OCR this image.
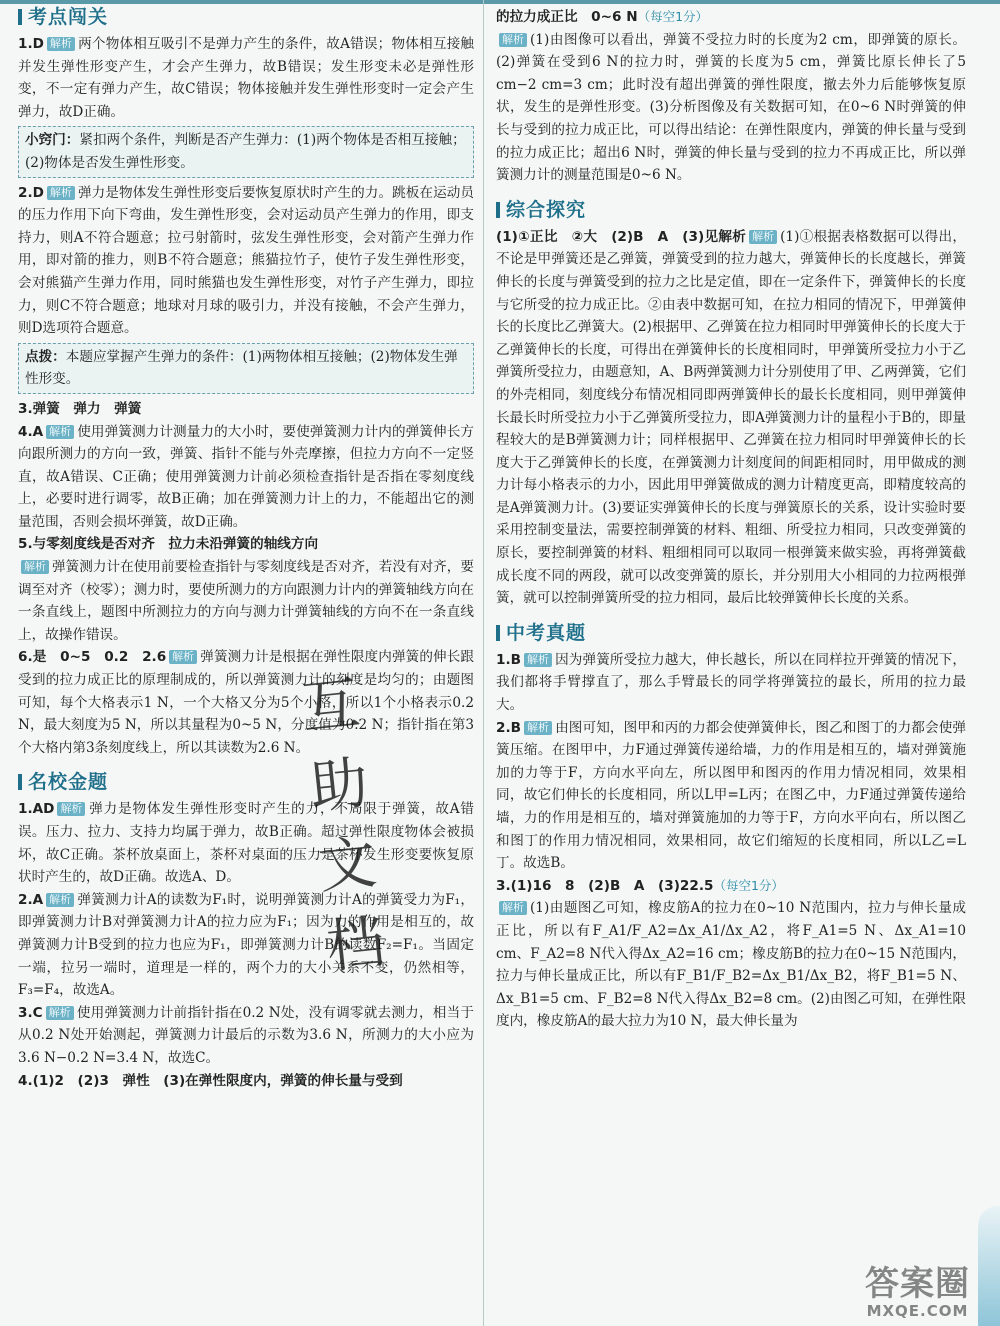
考点闯关

1.D 解析 两个物体相互吸引不是弹力产生的条件，故A错误；物体相互接触并发生弹性形变产生，才会产生弹力，故B错误；发生形变未必是弹性形变，不一定有弹力产生，故C错误；物体接触并发生弹性形变时一定会产生弹力，故D正确。

小窍门：紧扣两个条件，判断是否产生弹力：(1)两个物体是否相互接触；(2)物体是否发生弹性形变。

2.D 解析 弹力是物体发生弹性形变后要恢复原状时产生的力。跳板在运动员的压力作用下向下弯曲，发生弹性形变，会对运动员产生弹力的作用，即支持力，则A不符合题意；拉弓射箭时，弦发生弹性形变，会对箭产生弹力作用，即对箭的推力，则B不符合题意；熊猫拉竹子，使竹子发生弹性形变，会对熊猫产生弹力作用，同时熊猫也发生弹性形变，对竹子产生弹力，即拉力，则C不符合题意；地球对月球的吸引力，并没有接触，不会产生弹力，则D选项符合题意。

点拨：本题应掌握产生弹力的条件：(1)两物体相互接触；(2)物体发生弹性形变。

3.弹簧　弹力　弹簧

4.A 解析 使用弹簧测力计测量力的大小时，要使弹簧测力计内的弹簧伸长方向跟所测力的方向一致，弹簧、指针不能与外壳摩擦，但拉力方向不一定竖直，故A错误、C正确；使用弹簧测力计前必须检查指针是否指在零刻度线上，必要时进行调零，故B正确；加在弹簧测力计上的力，不能超出它的测量范围，否则会损坏弹簧，故D正确。

5.与零刻度线是否对齐　拉力未沿弹簧的轴线方向

解析 弹簧测力计在使用前要检查指针与零刻度线是否对齐，若没有对齐，要调至对齐（校零）；测力时，要使所测力的方向跟测力计内的弹簧轴线方向在一条直线上，题图中所测拉力的方向与测力计弹簧轴线的方向不在一条直线上，故操作错误。

6.是　0~5　0.2　2.6 解析 弹簧测力计是根据在弹性限度内弹簧的伸长跟受到的拉力成正比的原理制成的，所以弹簧测力计的刻度是均匀的；由题图可知，每个大格表示1 N，一个大格又分为5个小格，所以1个小格表示0.2 N，最大刻度为5 N，所以其量程为0~5 N，分度值为0.2 N；指针指在第3个大格内第3条刻度线上，所以其读数为2.6 N。

名校金题

1.AD 解析 弹力是物体发生弹性形变时产生的力，不局限于弹簧，故A错误。压力、拉力、支持力均属于弹力，故B正确。超过弹性限度物体会被损坏，故C正确。茶杯放桌面上，茶杯对桌面的压力是茶杯发生形变要恢复原状时产生的，故D正确。故选A、D。

2.A 解析 弹簧测力计A的读数为F₁时，说明弹簧测力计A的弹簧受力为F₁，即弹簧测力计B对弹簧测力计A的拉力应为F₁；因为力的作用是相互的，故弹簧测力计B受到的拉力也应为F₁，即弹簧测力计B的读数F₂=F₁。当固定一端，拉另一端时，道理是一样的，两个力的大小关系不变，仍然相等，F₃=F₄，故选A。

3.C 解析 使用弹簧测力计前指针指在0.2 N处，没有调零就去测力，相当于从0.2 N处开始测起，弹簧测力计最后的示数为3.6 N，所测力的大小应为3.6 N−0.2 N=3.4 N，故选C。

4.(1)2　(2)3　弹性　(3)在弹性限度内，弹簧的伸长量与受到

的拉力成正比　0~6 N（每空1分）

解析 (1)由图像可以看出，弹簧不受拉力时的长度为2 cm，即弹簧的原长。(2)弹簧在受到6 N的拉力时，弹簧的长度为5 cm，弹簧比原长伸长了5 cm−2 cm=3 cm；此时没有超出弹簧的弹性限度，撤去外力后能够恢复原状，发生的是弹性形变。(3)分析图像及有关数据可知，在0~6 N时弹簧的伸长与受到的拉力成正比，可以得出结论：在弹性限度内，弹簧的伸长量与受到的拉力成正比；超出6 N时，弹簧的伸长量与受到的拉力不再成正比，所以弹簧测力计的测量范围是0~6 N。

综合探究

(1)①正比　②大　(2)B　A　(3)见解析 解析 (1)①根据表格数据可以得出，不论是甲弹簧还是乙弹簧，弹簧受到的拉力越大，弹簧伸长的长度越长，弹簧伸长的长度与弹簧受到的拉力之比是定值，即在一定条件下，弹簧伸长的长度与它所受的拉力成正比。②由表中数据可知，在拉力相同的情况下，甲弹簧伸长的长度比乙弹簧大。(2)根据甲、乙弹簧在拉力相同时甲弹簧伸长的长度大于乙弹簧伸长的长度，可得出在弹簧伸长的长度相同时，甲弹簧所受拉力小于乙弹簧所受拉力，由题意知，A、B两弹簧测力计分别使用了甲、乙两弹簧，它们的外壳相同，刻度线分布情况相同即两弹簧伸长的最长长度相同，则甲弹簧伸长最长时所受拉力小于乙弹簧所受拉力，即A弹簧测力计的量程小于B的，即量程较大的是B弹簧测力计；同样根据甲、乙弹簧在拉力相同时甲弹簧伸长的长度大于乙弹簧伸长的长度，在弹簧测力计刻度间的间距相同时，用甲做成的测力计每小格表示的力小，因此用甲弹簧做成的测力计精度更高，即精度较高的是A弹簧测力计。(3)要证实弹簧伸长的长度与弹簧原长的关系，设计实验时要采用控制变量法，需要控制弹簧的材料、粗细、所受拉力相同，只改变弹簧的原长，要控制弹簧的材料、粗细相同可以取同一根弹簧来做实验，再将弹簧截成长度不同的两段，就可以改变弹簧的原长，并分别用大小相同的力拉两根弹簧，就可以控制弹簧所受的拉力相同，最后比较弹簧伸长长度的关系。

中考真题

1.B 解析 因为弹簧所受拉力越大，伸长越长，所以在同样拉开弹簧的情况下，我们都将手臂撑直了，那么手臂最长的同学将弹簧拉的最长，所用的拉力最大。

2.B 解析 由图可知，图甲和丙的力都会使弹簧伸长，图乙和图丁的力都会使弹簧压缩。在图甲中，力F通过弹簧传递给墙，力的作用是相互的，墙对弹簧施加的力等于F，方向水平向左，所以图甲和图丙的作用力情况相同，效果相同，故它们伸长的长度相同，所以L甲=L丙；在图乙中，力F通过弹簧传递给墙，力的作用是相互的，墙对弹簧施加的力等于F，方向水平向右，所以图乙和图丁的作用力情况相同，效果相同，故它们缩短的长度相同，所以L乙=L丁。故选B。

3.(1)16　8　(2)B　A　(3)22.5（每空1分）

解析 (1)由题图乙可知，橡皮筋A的拉力在0~10 N范围内，拉力与伸长量成正比，所以有F_A1/F_A2=Δx_A1/Δx_A2，将F_A1=5 N、Δx_A1=10 cm、F_A2=8 N代入得Δx_A2=16 cm；橡皮筋B的拉力在0~15 N范围内，拉力与伸长量成正比，所以有F_B1/F_B2=Δx_B1/Δx_B2，将F_B1=5 N、Δx_B1=5 cm、F_B2=8 N代入得Δx_B2=8 cm。(2)由图乙可知，在弹性限度内，橡皮筋A的最大拉力为10 N，最大伸长量为

互
助
文
档
答案圈
MXQE.COM
